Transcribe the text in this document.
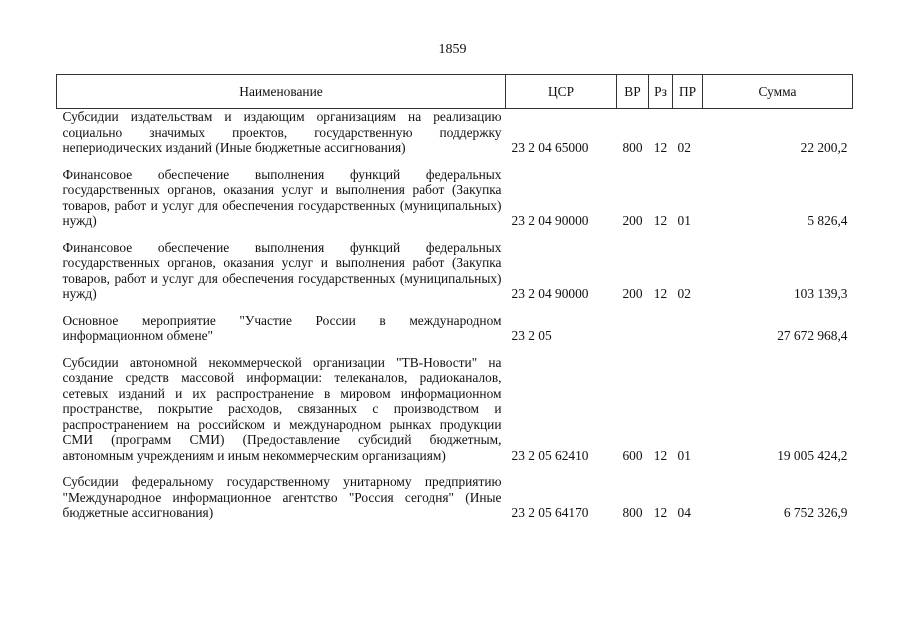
1859
Наименование	ЦСР	ВР	Рз	ПР	Сумма

Субсидии издательствам и издающим организациям на реализацию социально значимых проектов, государственную поддержку непериодических изданий (Иные бюджетные ассигнования)	23 2 04 65000	800	12	02	22 200,2

Финансовое обеспечение выполнения функций федеральных государственных органов, оказания услуг и выполнения работ (Закупка товаров, работ и услуг для обеспечения государственных (муниципальных) нужд)	23 2 04 90000	200	12	01	5 826,4

Финансовое обеспечение выполнения функций федеральных государственных органов, оказания услуг и выполнения работ (Закупка товаров, работ и услуг для обеспечения государственных (муниципальных) нужд)	23 2 04 90000	200	12	02	103 139,3

Основное мероприятие "Участие России в международном информационном обмене"	23 2 05				27 672 968,4

Субсидии автономной некоммерческой организации "ТВ-Новости" на создание средств массовой информации: телеканалов, радиоканалов, сетевых изданий и их распространение в мировом информационном пространстве, покрытие расходов, связанных с производством и распространением на российском и международном рынках продукции СМИ (программ СМИ) (Предоставление субсидий бюджетным, автономным учреждениям и иным некоммерческим организациям)	23 2 05 62410	600	12	01	19 005 424,2

Субсидии федеральному государственному унитарному предприятию "Международное информационное агентство "Россия сегодня" (Иные бюджетные ассигнования)	23 2 05 64170	800	12	04	6 752 326,9
